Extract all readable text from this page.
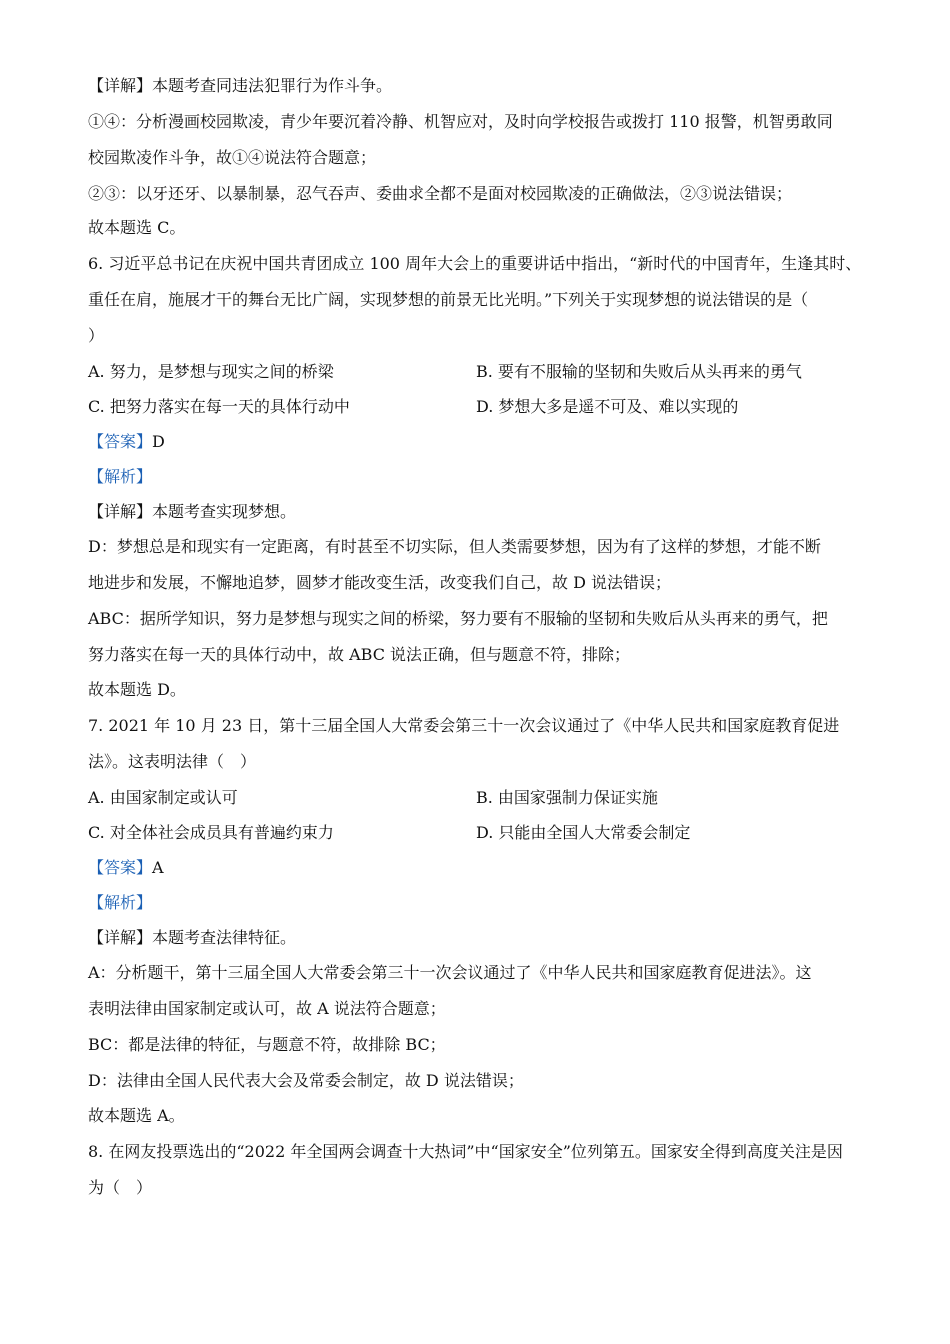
【详解】本题考查同违法犯罪行为作斗争。
①④：分析漫画校园欺凌，青少年要沉着冷静、机智应对，及时向学校报告或拨打 110 报警，机智勇敢同
校园欺凌作斗争，故①④说法符合题意；
②③：以牙还牙、以暴制暴，忍气吞声、委曲求全都不是面对校园欺凌的正确做法，②③说法错误；
故本题选 C。
6. 习近平总书记在庆祝中国共青团成立 100 周年大会上的重要讲话中指出，“新时代的中国青年，生逢其时、
重任在肩，施展才干的舞台无比广阔，实现梦想的前景无比光明。”下列关于实现梦想的说法错误的是（
）
A. 努力，是梦想与现实之间的桥梁	B. 要有不服输的坚韧和失败后从头再来的勇气
C. 把努力落实在每一天的具体行动中	D. 梦想大多是遥不可及、难以实现的
【答案】D
【解析】
【详解】本题考查实现梦想。
D：梦想总是和现实有一定距离，有时甚至不切实际，但人类需要梦想，因为有了这样的梦想，才能不断
地进步和发展，不懈地追梦，圆梦才能改变生活，改变我们自己，故 D 说法错误；
ABC：据所学知识，努力是梦想与现实之间的桥梁，努力要有不服输的坚韧和失败后从头再来的勇气，把
努力落实在每一天的具体行动中，故 ABC 说法正确，但与题意不符，排除；
故本题选 D。
7. 2021 年 10 月 23 日，第十三届全国人大常委会第三十一次会议通过了《中华人民共和国家庭教育促进
法》。这表明法律（　）
A. 由国家制定或认可	B. 由国家强制力保证实施
C. 对全体社会成员具有普遍约束力	D. 只能由全国人大常委会制定
【答案】A
【解析】
【详解】本题考查法律特征。
A：分析题干，第十三届全国人大常委会第三十一次会议通过了《中华人民共和国家庭教育促进法》。这
表明法律由国家制定或认可，故 A 说法符合题意；
BC：都是法律的特征，与题意不符，故排除 BC；
D：法律由全国人民代表大会及常委会制定，故 D 说法错误；
故本题选 A。
8. 在网友投票选出的“2022 年全国两会调查十大热词”中“国家安全”位列第五。国家安全得到高度关注是因
为（　）
